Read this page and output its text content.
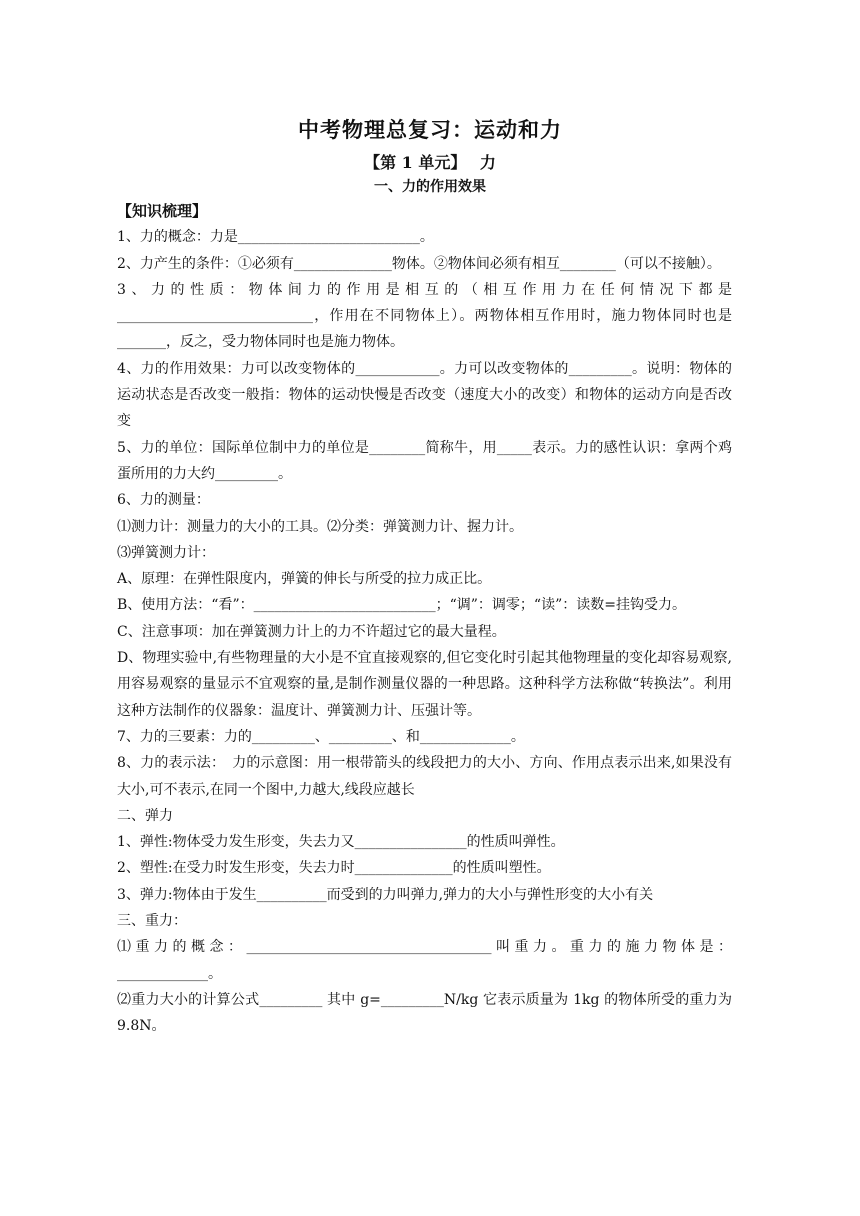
中考物理总复习：运动和力
【第 1 单元】　 力
一、力的作用效果

【知识梳理】

1、力的概念：力是__________________________。

2、力产生的条件：①必须有______________物体。②物体间必须有相互________（可以不接触）。

3、力的性质：物体间力的作用是相互的（相互作用力在任何情况下都是____________________________，作用在不同物体上）。两物体相互作用时，施力物体同时也是_______，反之，受力物体同时也是施力物体。

4、力的作用效果：力可以改变物体的____________。力可以改变物体的_________。说明：物体的运动状态是否改变一般指：物体的运动快慢是否改变（速度大小的改变）和物体的运动方向是否改变

5、力的单位：国际单位制中力的单位是________简称牛，用_____表示。力的感性认识：拿两个鸡蛋所用的力大约_________。

6、力的测量：

⑴测力计：测量力的大小的工具。⑵分类：弹簧测力计、握力计。

⑶弹簧测力计：

A、原理：在弹性限度内，弹簧的伸长与所受的拉力成正比。

B、使用方法：“看”：__________________________；“调”：调零；“读”：读数=挂钩受力。

C、注意事项：加在弹簧测力计上的力不许超过它的最大量程。

D、物理实验中,有些物理量的大小是不宜直接观察的,但它变化时引起其他物理量的变化却容易观察,用容易观察的量显示不宜观察的量,是制作测量仪器的一种思路。这种科学方法称做“转换法”。利用这种方法制作的仪器象：温度计、弹簧测力计、压强计等。

7、力的三要素：力的_________、_________、和_____________。

8、力的表示法：　力的示意图：用一根带箭头的线段把力的大小、方向、作用点表示出来,如果没有大小,可不表示,在同一个图中,力越大,线段应越长

二、弹力

1、弹性:物体受力发生形变，失去力又________________的性质叫弹性。

2、塑性:在受力时发生形变，失去力时______________的性质叫塑性。

3、弹力:物体由于发生__________而受到的力叫弹力,弹力的大小与弹性形变的大小有关

三、重力：

⑴重力的概念：___________________________________叫重力。重力的施力物体是：_____________。

⑵重力大小的计算公式_________ 其中 g=_________N/kg 它表示质量为 1kg 的物体所受的重力为 9.8N。
